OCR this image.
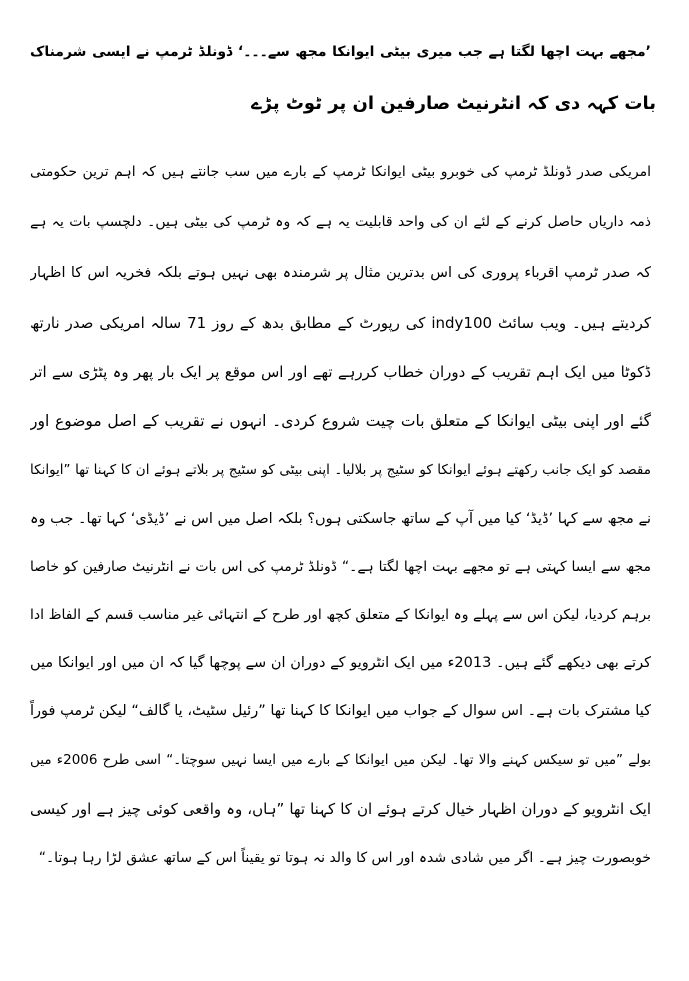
’مجھے بہت اچھا لگتا ہے جب میری بیٹی ایوانکا مجھ سے۔۔۔‘ ڈونلڈ ٹرمپ نے ایسی شرمناک
بات کہہ دی کہ انٹرنیٹ صارفین ان پر ٹوٹ پڑے
امریکی صدر ڈونلڈ ٹرمپ کی خوبرو بیٹی ایوانکا ٹرمپ کے بارے میں سب جانتے ہیں کہ اہم ترین حکومتی
ذمہ داریاں حاصل کرنے کے لئے ان کی واحد قابلیت یہ ہے کہ وہ ٹرمپ کی بیٹی ہیں۔ دلچسپ بات یہ ہے
کہ صدر ٹرمپ اقرباء پروری کی اس بدترین مثال پر شرمندہ بھی نہیں ہوتے بلکہ فخریہ اس کا اظہار
کردیتے ہیں۔ ویب سائٹ indy100 کی رپورٹ کے مطابق بدھ کے روز 71 سالہ امریکی صدر نارتھ
ڈکوٹا میں ایک اہم تقریب کے دوران خطاب کررہے تھے اور اس موقع پر ایک بار پھر وہ پٹڑی سے اتر
گئے اور اپنی بیٹی ایوانکا کے متعلق بات چیت شروع کردی۔ انہوں نے تقریب کے اصل موضوع اور
مقصد کو ایک جانب رکھتے ہوئے ایوانکا کو سٹیج پر بلالیا۔ اپنی بیٹی کو سٹیج پر بلاتے ہوئے ان کا کہنا تھا ”ایوانکا
نے مجھ سے کہا ’ڈیڈ‘ کیا میں آپ کے ساتھ جاسکتی ہوں؟ بلکہ اصل میں اس نے ’ڈیڈی‘ کہا تھا۔ جب وہ
مجھ سے ایسا کہتی ہے تو مجھے بہت اچھا لگتا ہے۔“ ڈونلڈ ٹرمپ کی اس بات نے انٹرنیٹ صارفین کو خاصا
برہم کردیا، لیکن اس سے پہلے وہ ایوانکا کے متعلق کچھ اور طرح کے انتہائی غیر مناسب قسم کے الفاظ ادا
کرتے بھی دیکھے گئے ہیں۔ 2013ء میں ایک انٹرویو کے دوران ان سے پوچھا گیا کہ ان میں اور ایوانکا میں
کیا مشترک بات ہے۔ اس سوال کے جواب میں ایوانکا کا کہنا تھا ”رئیل سٹیٹ، یا گالف“ لیکن ٹرمپ فوراً
بولے ”میں تو سیکس کہنے والا تھا۔ لیکن میں ایوانکا کے بارے میں ایسا نہیں سوچتا۔“ اسی طرح 2006ء میں
ایک انٹرویو کے دوران اظہار خیال کرتے ہوئے ان کا کہنا تھا ”ہاں، وہ واقعی کوئی چیز ہے اور کیسی
خوبصورت چیز ہے۔ اگر میں شادی شدہ اور اس کا والد نہ ہوتا تو یقیناً اس کے ساتھ عشق لڑا رہا ہوتا۔“
